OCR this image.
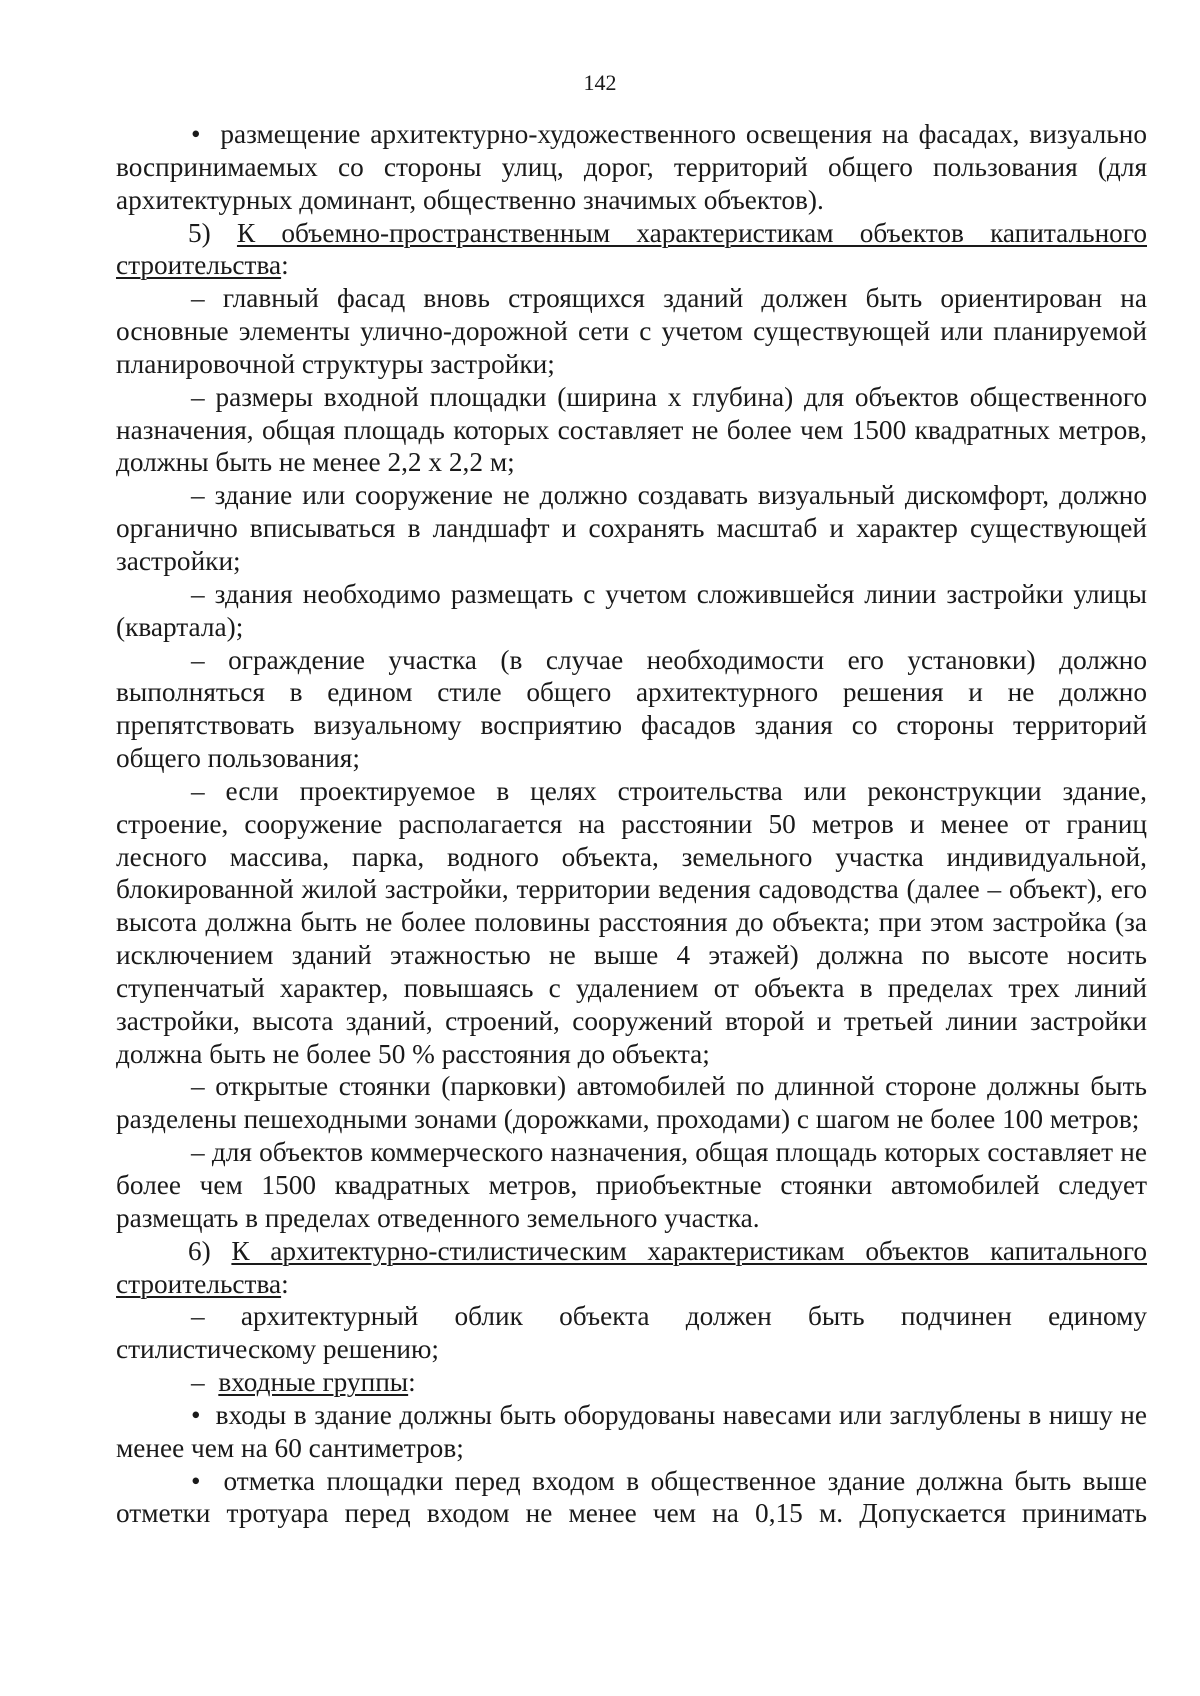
142

• размещение архитектурно-художественного освещения на фасадах, визуально воспринимаемых со стороны улиц, дорог, территорий общего пользования (для архитектурных доминант, общественно значимых объектов).

5) К объемно-пространственным характеристикам объектов капитального строительства:

– главный фасад вновь строящихся зданий должен быть ориентирован на основные элементы улично-дорожной сети с учетом существующей или планируемой планировочной структуры застройки;

– размеры входной площадки (ширина х глубина) для объектов общественного назначения, общая площадь которых составляет не более чем 1500 квадратных метров, должны быть не менее 2,2 х 2,2 м;

– здание или сооружение не должно создавать визуальный дискомфорт, должно органично вписываться в ландшафт и сохранять масштаб и характер существующей застройки;

– здания необходимо размещать с учетом сложившейся линии застройки улицы (квартала);

– ограждение участка (в случае необходимости его установки) должно выполняться в едином стиле общего архитектурного решения и не должно препятствовать визуальному восприятию фасадов здания со стороны территорий общего пользования;

– если проектируемое в целях строительства или реконструкции здание, строение, сооружение располагается на расстоянии 50 метров и менее от границ лесного массива, парка, водного объекта, земельного участка индивидуальной, блокированной жилой застройки, территории ведения садоводства (далее – объект), его высота должна быть не более половины расстояния до объекта; при этом застройка (за исключением зданий этажностью не выше 4 этажей) должна по высоте носить ступенчатый характер, повышаясь с удалением от объекта в пределах трех линий застройки, высота зданий, строений, сооружений второй и третьей линии застройки должна быть не более 50 % расстояния до объекта;

– открытые стоянки (парковки) автомобилей по длинной стороне должны быть разделены пешеходными зонами (дорожками, проходами) с шагом не более 100 метров;

– для объектов коммерческого назначения, общая площадь которых составляет не более чем 1500 квадратных метров, приобъектные стоянки автомобилей следует размещать в пределах отведенного земельного участка.

6) К архитектурно-стилистическим характеристикам объектов капитального строительства:

– архитектурный облик объекта должен быть подчинен единому стилистическому решению;

– входные группы:

• входы в здание должны быть оборудованы навесами или заглублены в нишу не менее чем на 60 сантиметров;

• отметка площадки перед входом в общественное здание должна быть выше отметки тротуара перед входом не менее чем на 0,15 м. Допускается принимать
